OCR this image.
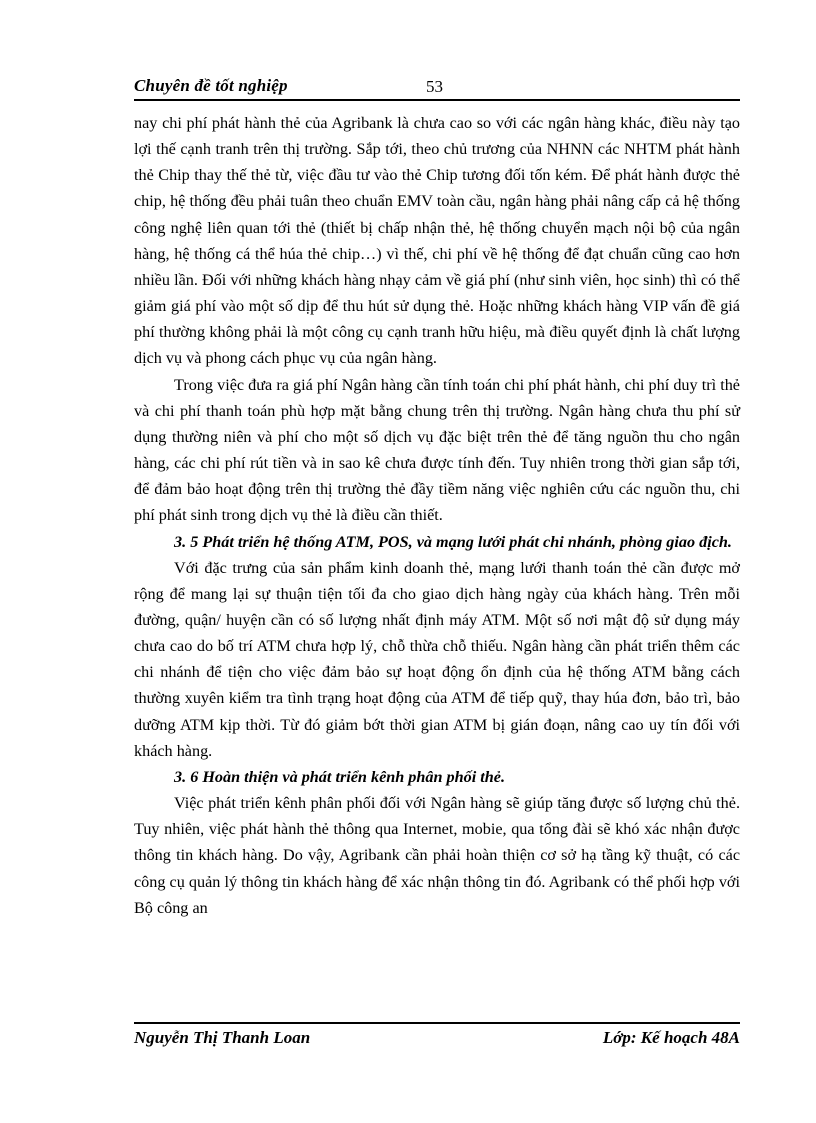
Chuyên đề tốt nghiệp	53

nay chi phí phát hành thẻ của Agribank là chưa cao so với các ngân hàng khác, điều này tạo lợi thế cạnh tranh trên thị trường. Sắp tới, theo chủ trương của NHNN các NHTM phát hành thẻ Chip thay thế thẻ từ, việc đầu tư vào thẻ Chip tương đối tốn kém. Để phát hành được thẻ chip, hệ thống đều phải tuân theo chuẩn EMV toàn cầu, ngân hàng phải nâng cấp cả hệ thống công nghệ liên quan tới thẻ (thiết bị chấp nhận thẻ, hệ thống chuyển mạch nội bộ của ngân hàng, hệ thống cá thể húa thẻ chip…) vì thế, chi phí về hệ thống để đạt chuẩn cũng cao hơn nhiều lần. Đối với những khách hàng nhạy cảm về giá phí (như sinh viên, học sinh) thì có thể giảm giá phí vào một số dịp để thu hút sử dụng thẻ. Hoặc những khách hàng VIP vấn đề giá phí thường không phải là một công cụ cạnh tranh hữu hiệu, mà điều quyết định là chất lượng dịch vụ và phong cách phục vụ của ngân hàng.

Trong việc đưa ra giá phí Ngân hàng cần tính toán chi phí phát hành, chi phí duy trì thẻ và chi phí thanh toán phù hợp mặt bằng chung trên thị trường. Ngân hàng chưa thu phí sử dụng thường niên và phí cho một số dịch vụ đặc biệt trên thẻ để tăng nguồn thu cho ngân hàng, các chi phí rút tiền và in sao kê chưa được tính đến. Tuy nhiên trong thời gian sắp tới, để đảm bảo hoạt động trên thị trường thẻ đầy tiềm năng việc nghiên cứu các nguồn thu, chi phí phát sinh trong dịch vụ thẻ là điều cần thiết.

3. 5 Phát triển hệ thống ATM, POS, và mạng lưới phát chi nhánh, phòng giao địch.

Với đặc trưng của sản phẩm kinh doanh thẻ, mạng lưới thanh toán thẻ cần được mở rộng để mang lại sự thuận tiện tối đa cho giao dịch hàng ngày của khách hàng. Trên mỗi đường, quận/ huyện cần có số lượng nhất định máy ATM. Một số nơi mật độ sử dụng máy chưa cao do bố trí ATM chưa hợp lý, chỗ thừa chỗ thiếu. Ngân hàng cần phát triển thêm các chi nhánh để tiện cho việc đảm bảo sự hoạt động ổn định của hệ thống ATM bằng cách thường xuyên kiểm tra tình trạng hoạt động của ATM để tiếp quỹ, thay húa đơn, bảo trì, bảo dưỡng ATM kịp thời. Từ đó giảm bớt thời gian ATM bị gián đoạn, nâng cao uy tín đối với khách hàng.

3. 6 Hoàn thiện và phát triển kênh phân phối thẻ.

Việc phát triển kênh phân phối đối với Ngân hàng sẽ giúp tăng được số lượng chủ thẻ. Tuy nhiên, việc phát hành thẻ thông qua Internet, mobie, qua tổng đài sẽ khó xác nhận được thông tin khách hàng. Do vậy, Agribank cần phải hoàn thiện cơ sở hạ tầng kỹ thuật, có các công cụ quản lý thông tin khách hàng để xác nhận thông tin đó. Agribank có thể phối hợp với Bộ công an

Nguyễn Thị Thanh Loan	Lớp: Kế hoạch 48A
